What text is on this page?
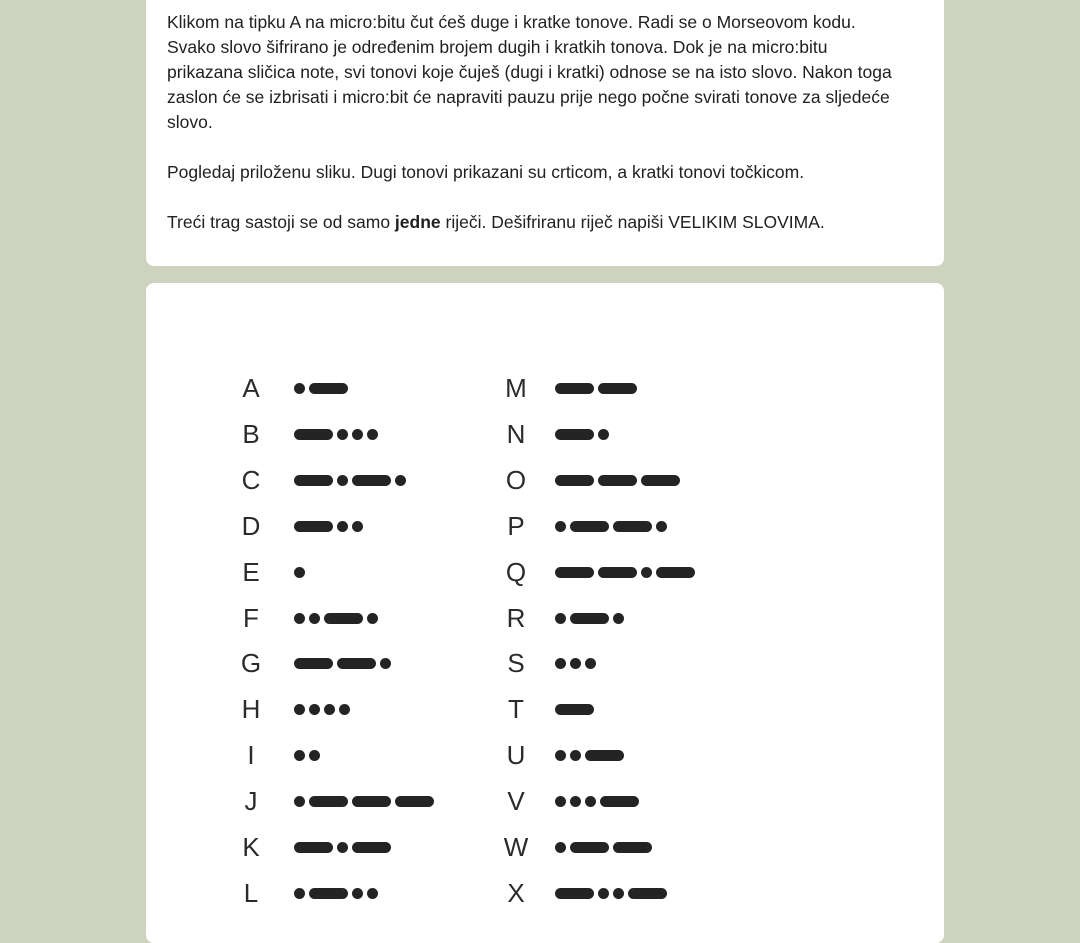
Klikom na tipku A na micro:bitu čut ćeš duge i kratke tonove. Radi se o Morseovom kodu. Svako slovo šifrirano je određenim brojem dugih i kratkih tonova. Dok je na micro:bitu prikazana sličica note, svi tonovi koje čuješ (dugi i kratki) odnose se na isto slovo. Nakon toga zaslon će se izbrisati i micro:bit će napraviti pauzu prije nego počne svirati tonove za sljedeće slovo.

Pogledaj priloženu sliku. Dugi tonovi prikazani su crticom, a kratki tonovi točkicom.

Treći trag sastoji se od samo jedne riječi. Dešifriranu riječ napiši VELIKIM SLOVIMA.

A
B
C
D
E
F
G
H
I
J
K
L
M
N
O
P
Q
R
S
T
U
V
W
X
